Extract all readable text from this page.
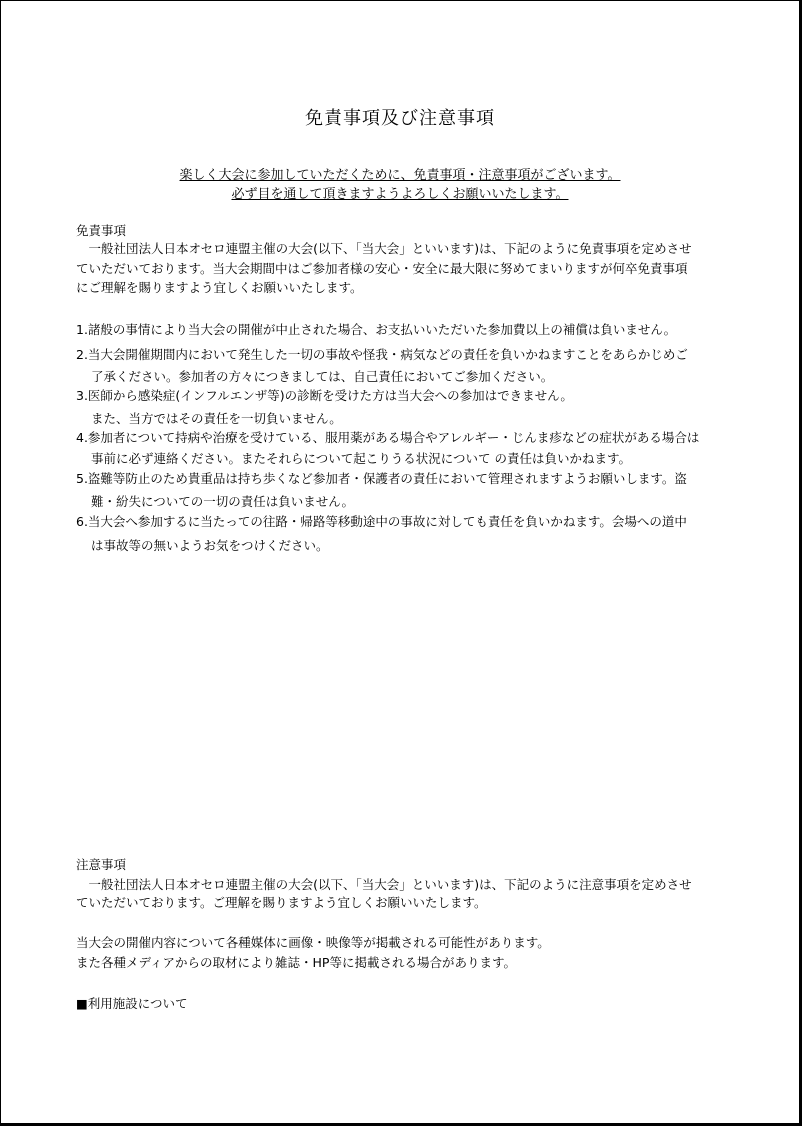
免責事項及び注意事項
楽しく大会に参加していただくために、免責事項・注意事項がございます。
必ず目を通して頂きますようよろしくお願いいたします。
免責事項
　一般社団法人日本オセロ連盟主催の大会(以下、「当大会」といいます)は、下記のように免責事項を定めさせ
ていただいております。当大会期間中はご参加者様の安心・安全に最大限に努めてまいりますが何卒免責事項
にご理解を賜りますよう宜しくお願いいたします。
1.諸般の事情により当大会の開催が中止された場合、お支払いいただいた参加費以上の補償は負いません。
2.当大会開催期間内において発生した一切の事故や怪我・病気などの責任を負いかねますことをあらかじめご
了承ください。参加者の方々につきましては、自己責任においてご参加ください。
3.医師から感染症(インフルエンザ等)の診断を受けた方は当大会への参加はできません。
また、当方ではその責任を一切負いません。
4.参加者について持病や治療を受けている、服用薬がある場合やアレルギー・じんま疹などの症状がある場合は
事前に必ず連絡ください。またそれらについて起こりうる状況について の責任は負いかねます。
5.盗難等防止のため貴重品は持ち歩くなど参加者・保護者の責任において管理されますようお願いします。盗
難・紛失についての一切の責任は負いません。
6.当大会へ参加するに当たっての往路・帰路等移動途中の事故に対しても責任を負いかねます。会場への道中
は事故等の無いようお気をつけください。
注意事項
　一般社団法人日本オセロ連盟主催の大会(以下、「当大会」といいます)は、下記のように注意事項を定めさせ
ていただいております。ご理解を賜りますよう宜しくお願いいたします。
当大会の開催内容について各種媒体に画像・映像等が掲載される可能性があります。
また各種メディアからの取材により雑誌・HP等に掲載される場合があります。
■利用施設について
